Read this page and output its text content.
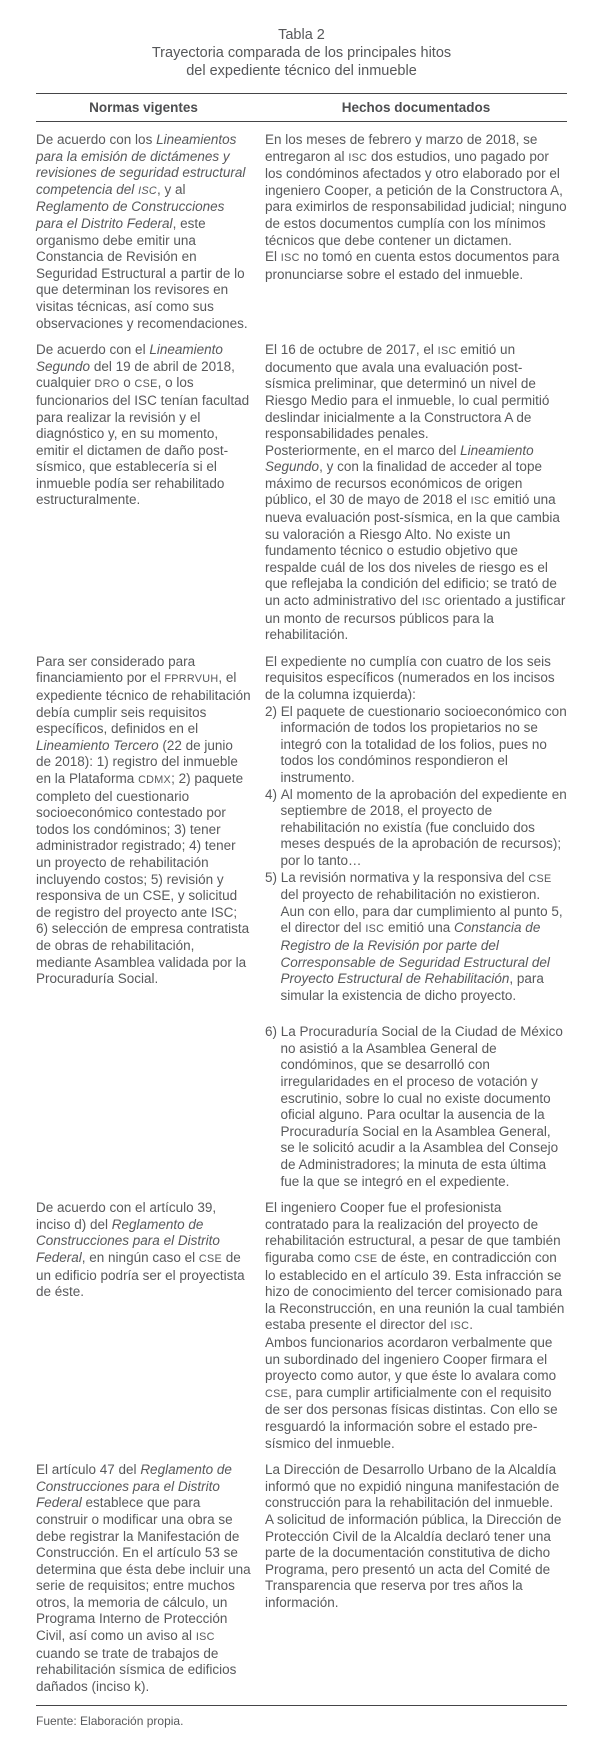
Tabla 2
Trayectoria comparada de los principales hitos
del expediente técnico del inmueble
Normas vigentes	Hechos documentados

De acuerdo con los Lineamientos para la emisión de dictámenes y revisiones de seguridad estructural competencia del ISC, y al Reglamento de Construcciones para el Distrito Federal, este organismo debe emitir una Constancia de Revisión en Seguridad Estructural a partir de lo que determinan los revisores en visitas técnicas, así como sus observaciones y recomendaciones.

En los meses de febrero y marzo de 2018, se entregaron al ISC dos estudios, uno pagado por los condóminos afectados y otro elaborado por el ingeniero Cooper, a petición de la Constructora A, para eximirlos de responsabilidad judicial; ninguno de estos documentos cumplía con los mínimos técnicos que debe contener un dictamen.

El ISC no tomó en cuenta estos documentos para pronunciarse sobre el estado del inmueble.

De acuerdo con el Lineamiento Segundo del 19 de abril de 2018, cualquier DRO o CSE, o los funcionarios del ISC tenían facultad para realizar la revisión y el diagnóstico y, en su momento, emitir el dictamen de daño post-sísmico, que establecería si el inmueble podía ser rehabilitado estructuralmente.

El 16 de octubre de 2017, el ISC emitió un documento que avala una evaluación post-sísmica preliminar, que determinó un nivel de Riesgo Medio para el inmueble, lo cual permitió deslindar inicialmente a la Constructora A de responsabilidades penales.

Posteriormente, en el marco del Lineamiento Segundo, y con la finalidad de acceder al tope máximo de recursos económicos de origen público, el 30 de mayo de 2018 el ISC emitió una nueva evaluación post-sísmica, en la que cambia su valoración a Riesgo Alto. No existe un fundamento técnico o estudio objetivo que respalde cuál de los dos niveles de riesgo es el que reflejaba la condición del edificio; se trató de un acto administrativo del ISC orientado a justificar un monto de recursos públicos para la rehabilitación.

Para ser considerado para financiamiento por el FPRRVUH, el expediente técnico de rehabilitación debía cumplir seis requisitos específicos, definidos en el Lineamiento Tercero (22 de junio de 2018): 1) registro del inmueble en la Plataforma CDMX; 2) paquete completo del cuestionario socioeconómico contestado por todos los condóminos; 3) tener administrador registrado; 4) tener un proyecto de rehabilitación incluyendo costos; 5) revisión y responsiva de un CSE, y solicitud de registro del proyecto ante ISC; 6) selección de empresa contratista de obras de rehabilitación, mediante Asamblea validada por la Procuraduría Social.

El expediente no cumplía con cuatro de los seis requisitos específicos (numerados en los incisos de la columna izquierda):

2) El paquete de cuestionario socioeconómico con información de todos los propietarios no se integró con la totalidad de los folios, pues no todos los condóminos respondieron el instrumento.

4) Al momento de la aprobación del expediente en septiembre de 2018, el proyecto de rehabilitación no existía (fue concluido dos meses después de la aprobación de recursos); por lo tanto…

5) La revisión normativa y la responsiva del CSE del proyecto de rehabilitación no existieron.

Aun con ello, para dar cumplimiento al punto 5, el director del ISC emitió una Constancia de Registro de la Revisión por parte del Corresponsable de Seguridad Estructural del Proyecto Estructural de Rehabilitación, para simular la existencia de dicho proyecto.

6) La Procuraduría Social de la Ciudad de México no asistió a la Asamblea General de condóminos, que se desarrolló con irregularidades en el proceso de votación y escrutinio, sobre lo cual no existe documento oficial alguno. Para ocultar la ausencia de la Procuraduría Social en la Asamblea General, se le solicitó acudir a la Asamblea del Consejo de Administradores; la minuta de esta última fue la que se integró en el expediente.

De acuerdo con el artículo 39, inciso d) del Reglamento de Construcciones para el Distrito Federal, en ningún caso el CSE de un edificio podría ser el proyectista de éste.

El ingeniero Cooper fue el profesionista contratado para la realización del proyecto de rehabilitación estructural, a pesar de que también figuraba como CSE de éste, en contradicción con lo establecido en el artículo 39. Esta infracción se hizo de conocimiento del tercer comisionado para la Reconstrucción, en una reunión la cual también estaba presente el director del ISC.

Ambos funcionarios acordaron verbalmente que un subordinado del ingeniero Cooper firmara el proyecto como autor, y que éste lo avalara como CSE, para cumplir artificialmente con el requisito de ser dos personas físicas distintas. Con ello se resguardó la información sobre el estado pre-sísmico del inmueble.

El artículo 47 del Reglamento de Construcciones para el Distrito Federal establece que para construir o modificar una obra se debe registrar la Manifestación de Construcción. En el artículo 53 se determina que ésta debe incluir una serie de requisitos; entre muchos otros, la memoria de cálculo, un Programa Interno de Protección Civil, así como un aviso al ISC cuando se trate de trabajos de rehabilitación sísmica de edificios dañados (inciso k).

La Dirección de Desarrollo Urbano de la Alcaldía informó que no expidió ninguna manifestación de construcción para la rehabilitación del inmueble.

A solicitud de información pública, la Dirección de Protección Civil de la Alcaldía declaró tener una parte de la documentación constitutiva de dicho Programa, pero presentó un acta del Comité de Transparencia que reserva por tres años la información.

Fuente: Elaboración propia.
